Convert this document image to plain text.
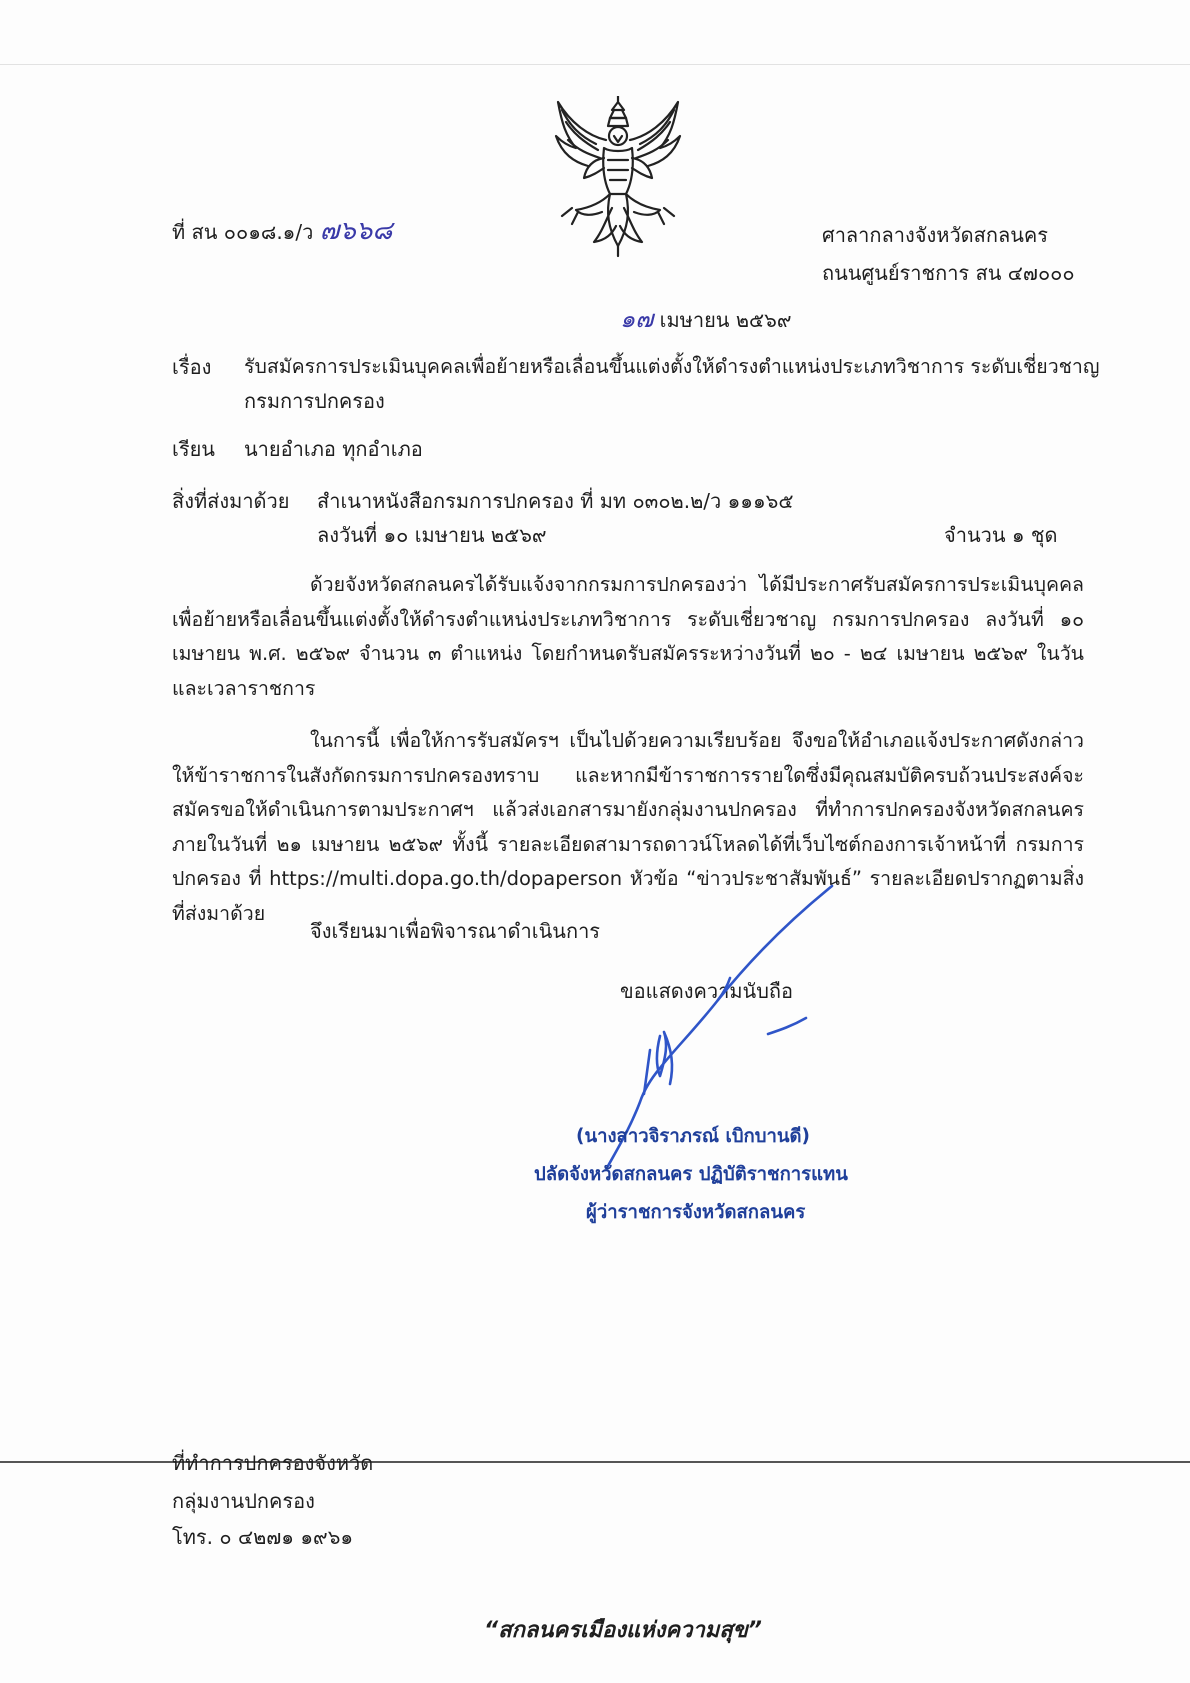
ที่ สน ๐๐๑๘.๑/ว ๗๖๖๘	ศาลากลางจังหวัดสกลนคร
ถนนศูนย์ราชการ สน ๔๗๐๐๐
๑๗ เมษายน ๒๕๖๙
เรื่อง รับสมัครการประเมินบุคคลเพื่อย้ายหรือเลื่อนขึ้นแต่งตั้งให้ดำรงตำแหน่งประเภทวิชาการ ระดับเชี่ยวชาญ
กรมการปกครอง
เรียน นายอำเภอ ทุกอำเภอ
สิ่งที่ส่งมาด้วย สำเนาหนังสือกรมการปกครอง ที่ มท ๐๓๐๒.๒/ว ๑๑๑๖๕
ลงวันที่ ๑๐ เมษายน ๒๕๖๙	จำนวน ๑ ชุด
ด้วยจังหวัดสกลนครได้รับแจ้งจากกรมการปกครองว่า ได้มีประกาศรับสมัครการประเมินบุคคลเพื่อย้ายหรือเลื่อนขึ้นแต่งตั้งให้ดำรงตำแหน่งประเภทวิชาการ ระดับเชี่ยวชาญ กรมการปกครอง ลงวันที่ ๑๐ เมษายน พ.ศ. ๒๕๖๙ จำนวน ๓ ตำแหน่ง โดยกำหนดรับสมัครระหว่างวันที่ ๒๐ - ๒๔ เมษายน ๒๕๖๙ ในวันและเวลาราชการ
ในการนี้ เพื่อให้การรับสมัครฯ เป็นไปด้วยความเรียบร้อย จึงขอให้อำเภอแจ้งประกาศดังกล่าวให้ข้าราชการในสังกัดกรมการปกครองทราบ และหากมีข้าราชการรายใดซึ่งมีคุณสมบัติครบถ้วนประสงค์จะสมัครขอให้ดำเนินการตามประกาศฯ แล้วส่งเอกสารมายังกลุ่มงานปกครอง ที่ทำการปกครองจังหวัดสกลนคร ภายในวันที่ ๒๑ เมษายน ๒๕๖๙ ทั้งนี้ รายละเอียดสามารถดาวน์โหลดได้ที่เว็บไซต์กองการเจ้าหน้าที่ กรมการปกครอง ที่ https://multi.dopa.go.th/dopaperson หัวข้อ “ข่าวประชาสัมพันธ์” รายละเอียดปรากฏตามสิ่งที่ส่งมาด้วย
จึงเรียนมาเพื่อพิจารณาดำเนินการ
ขอแสดงความนับถือ
(นางสาวจิราภรณ์ เบิกบานดี)
ปลัดจังหวัดสกลนคร ปฏิบัติราชการแทน
ผู้ว่าราชการจังหวัดสกลนคร
ที่ทำการปกครองจังหวัด
กลุ่มงานปกครอง
โทร. ๐ ๔๒๗๑ ๑๙๖๑
“สกลนครเมืองแห่งความสุข”
